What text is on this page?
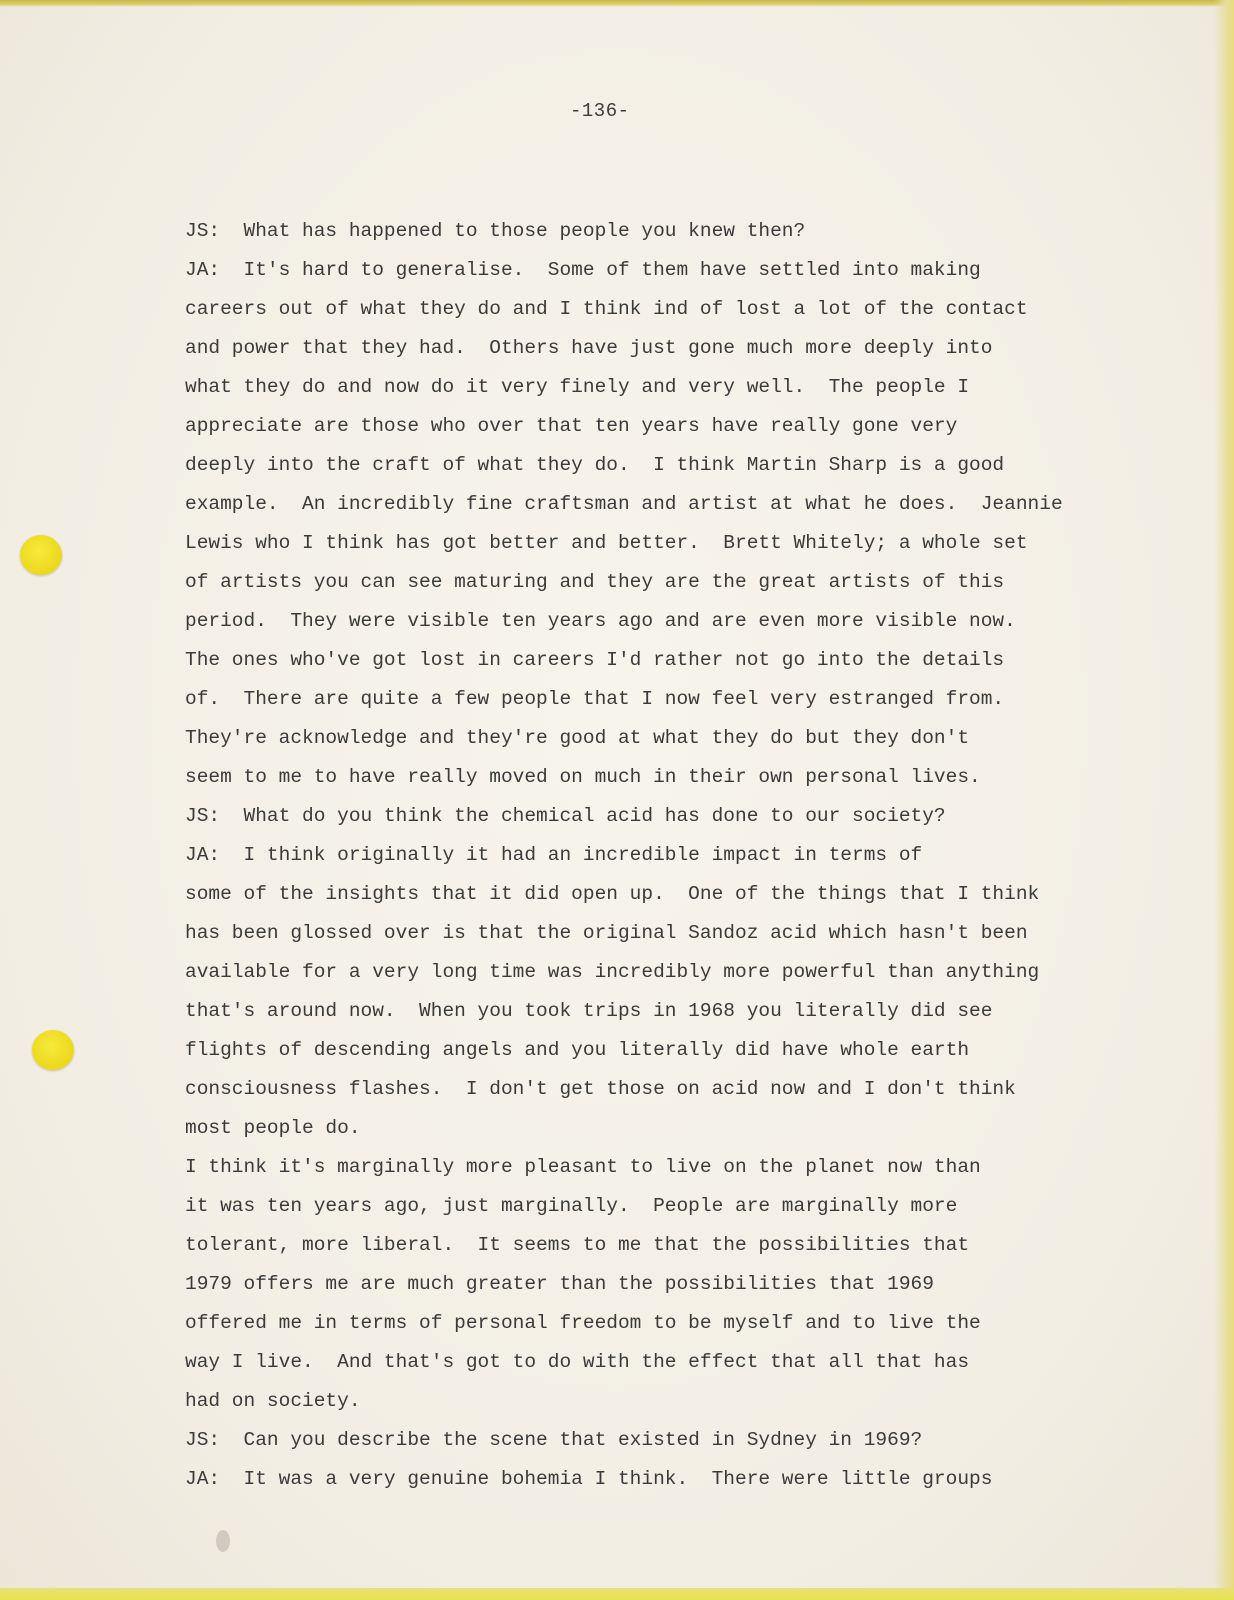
-136-
JS:  What has happened to those people you knew then?
JA:  It's hard to generalise.  Some of them have settled into making
careers out of what they do and I think ind of lost a lot of the contact
and power that they had.  Others have just gone much more deeply into
what they do and now do it very finely and very well.  The people I
appreciate are those who over that ten years have really gone very
deeply into the craft of what they do.  I think Martin Sharp is a good
example.  An incredibly fine craftsman and artist at what he does.  Jeannie
Lewis who I think has got better and better.  Brett Whitely; a whole set
of artists you can see maturing and they are the great artists of this
period.  They were visible ten years ago and are even more visible now.
The ones who've got lost in careers I'd rather not go into the details
of.  There are quite a few people that I now feel very estranged from.
They're acknowledge and they're good at what they do but they don't
seem to me to have really moved on much in their own personal lives.
JS:  What do you think the chemical acid has done to our society?
JA:  I think originally it had an incredible impact in terms of
some of the insights that it did open up.  One of the things that I think
has been glossed over is that the original Sandoz acid which hasn't been
available for a very long time was incredibly more powerful than anything
that's around now.  When you took trips in 1968 you literally did see
flights of descending angels and you literally did have whole earth
consciousness flashes.  I don't get those on acid now and I don't think
most people do.
I think it's marginally more pleasant to live on the planet now than
it was ten years ago, just marginally.  People are marginally more
tolerant, more liberal.  It seems to me that the possibilities that
1979 offers me are much greater than the possibilities that 1969
offered me in terms of personal freedom to be myself and to live the
way I live.  And that's got to do with the effect that all that has
had on society.
JS:  Can you describe the scene that existed in Sydney in 1969?
JA:  It was a very genuine bohemia I think.  There were little groups
